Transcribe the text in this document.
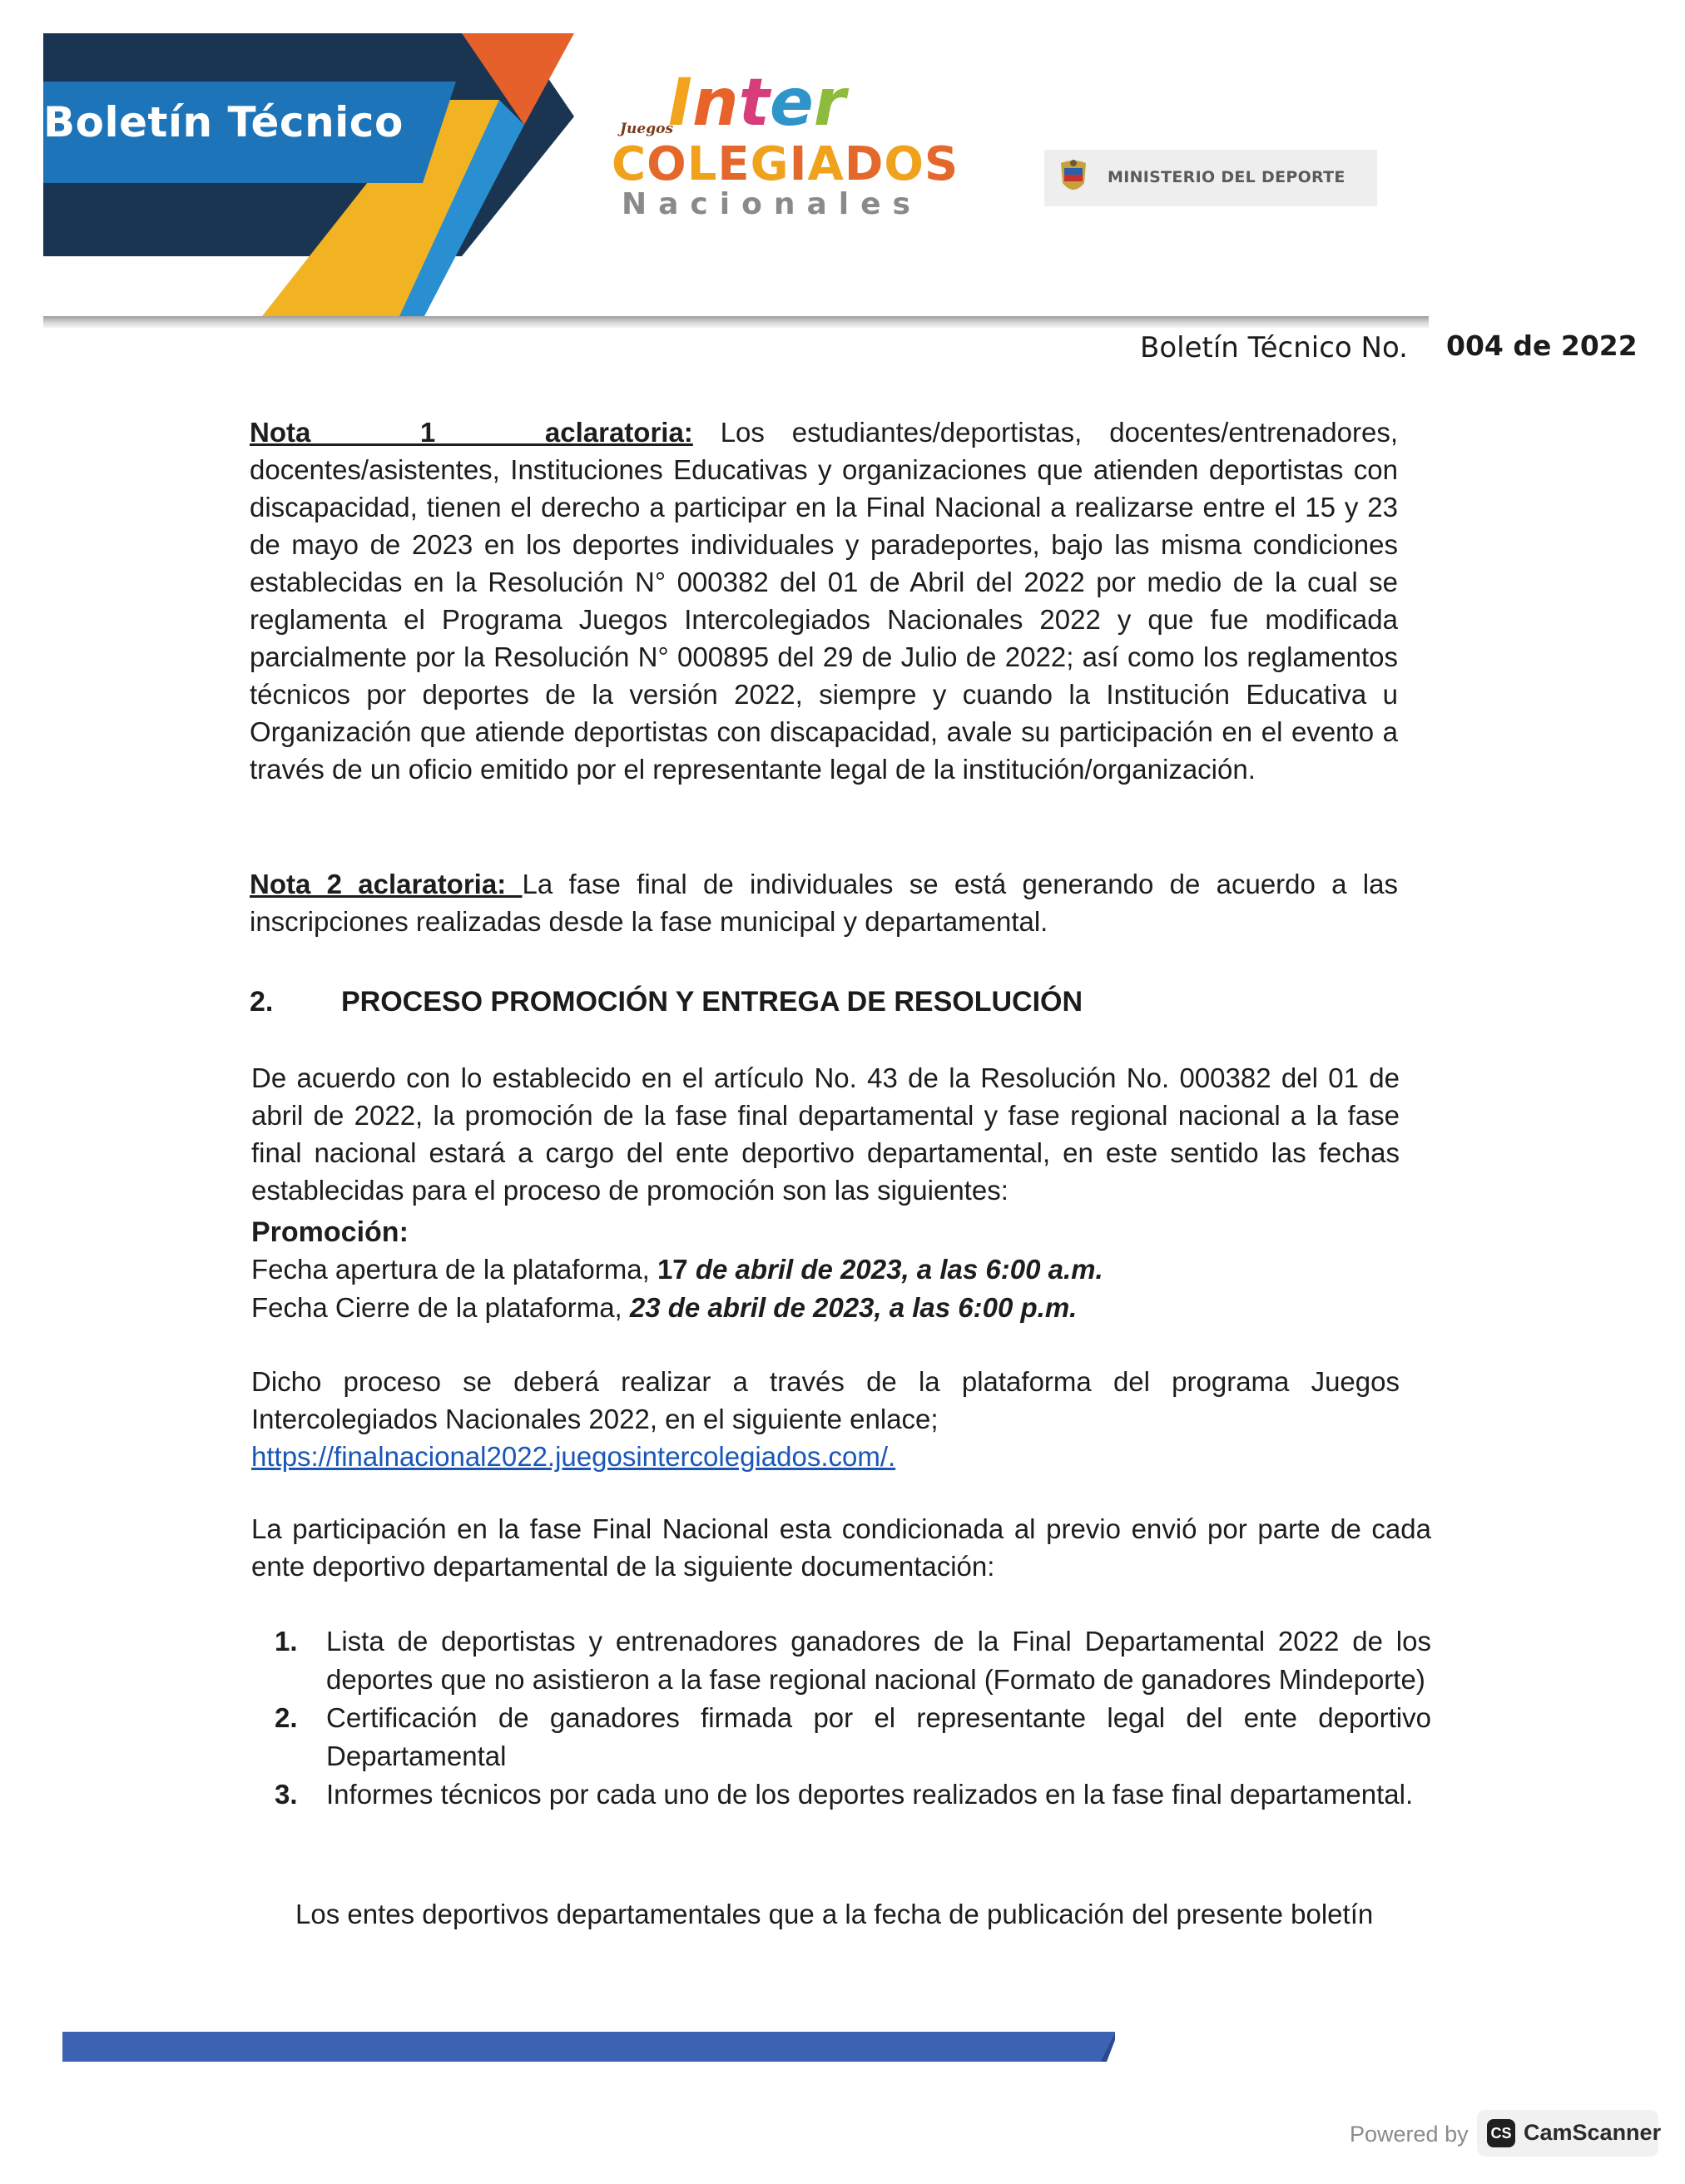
Boletín Técnico	Juegos
Inter
COLEGIADOS
Nacionales
MINISTERIO DEL DEPORTE
Boletín Técnico No. 004 de 2022
Nota    1    aclaratoria: Los estudiantes/deportistas, docentes/entrenadores, docentes/asistentes, Instituciones Educativas y organizaciones que atienden deportistas con discapacidad, tienen el derecho a participar en la Final Nacional a realizarse entre el 15 y 23 de mayo de 2023 en los deportes individuales y paradeportes, bajo las misma condiciones establecidas en la Resolución N° 000382 del 01 de Abril del 2022 por medio de la cual se reglamenta el Programa Juegos Intercolegiados Nacionales 2022 y que fue modificada parcialmente por la Resolución N° 000895 del 29 de Julio de 2022; así como los reglamentos técnicos por deportes de la versión 2022, siempre y cuando la Institución Educativa u Organización que atiende deportistas con discapacidad, avale su participación en el evento a través de un oficio emitido por el representante legal de la institución/organización.
Nota 2 aclaratoria: La fase final de individuales se está generando de acuerdo a las inscripciones realizadas desde la fase municipal y departamental.
2. PROCESO PROMOCIÓN Y ENTREGA DE RESOLUCIÓN
De acuerdo con lo establecido en el artículo No. 43 de la Resolución No. 000382 del 01 de abril de 2022, la promoción de la fase final departamental y fase regional nacional a la fase final nacional estará a cargo del ente deportivo departamental, en este sentido las fechas establecidas para el proceso de promoción son las siguientes:
Promoción:
Fecha apertura de la plataforma, 17 de abril de 2023, a las 6:00 a.m.
Fecha Cierre de la plataforma, 23 de abril de 2023, a las 6:00 p.m.
Dicho proceso se deberá realizar a través de la plataforma del programa Juegos Intercolegiados Nacionales 2022, en el siguiente enlace;
https://finalnacional2022.juegosintercolegiados.com/.
La participación en la fase Final Nacional esta condicionada al previo envió por parte de cada ente deportivo departamental de la siguiente documentación:
1. Lista de deportistas y entrenadores ganadores de la Final Departamental 2022 de los deportes que no asistieron a la fase regional nacional (Formato de ganadores Mindeporte)
2. Certificación de ganadores firmada por el representante legal del ente deportivo Departamental
3. Informes técnicos por cada uno de los deportes realizados en la fase final departamental.
Los entes deportivos departamentales que a la fecha de publicación del presente boletín
Powered by CS CamScanner
